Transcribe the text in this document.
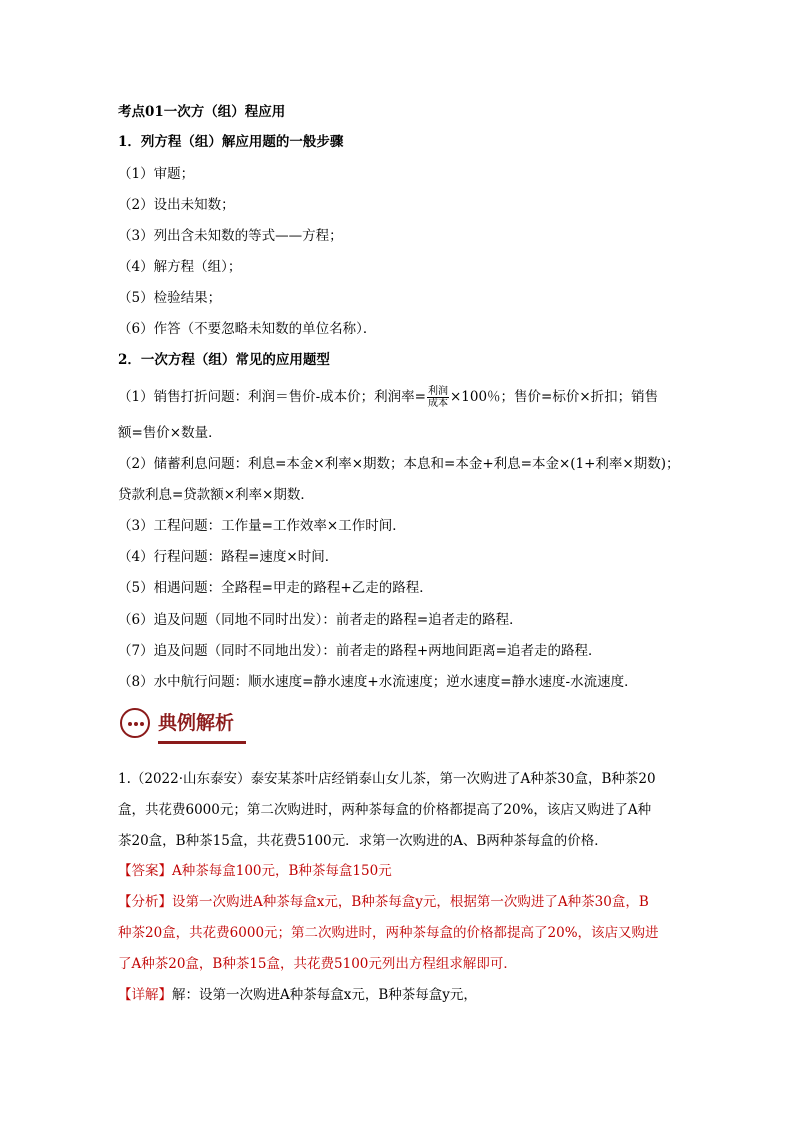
考点01一次方（组）程应用
1．列方程（组）解应用题的一般步骤
（1）审题；
（2）设出未知数；
（3）列出含未知数的等式——方程；
（4）解方程（组）；
（5）检验结果；
（6）作答（不要忽略未知数的单位名称）．
2．一次方程（组）常见的应用题型
（1）销售打折问题：利润＝售价-成本价；利润率= $\frac{\text{利润}}{\text{成本}} \times 100$％；售价=标价×折扣；销售
额=售价×数量．
（2）储蓄利息问题：利息=本金×利率×期数；本息和=本金+利息=本金×(1+利率×期数)；
贷款利息=贷款额×利率×期数．
（3）工程问题：工作量=工作效率×工作时间．
（4）行程问题：路程=速度×时间．
（5）相遇问题：全路程=甲走的路程+乙走的路程．
（6）追及问题（同地不同时出发）：前者走的路程=追者走的路程．
（7）追及问题（同时不同地出发）：前者走的路程+两地间距离=追者走的路程．
（8）水中航行问题：顺水速度=静水速度+水流速度；逆水速度=静水速度-水流速度．
典例解析
1.（2022·山东泰安）泰安某茶叶店经销泰山女儿茶，第一次购进了A种茶30盒，B种茶20
盒，共花费6000元；第二次购进时，两种茶每盒的价格都提高了20%，该店又购进了A种
茶20盒，B种茶15盒，共花费5100元．求第一次购进的A、B两种茶每盒的价格．
【答案】A种茶每盒100元，B种茶每盒150元
【分析】设第一次购进A种茶每盒x元，B种茶每盒y元，根据第一次购进了A种茶30盒，B
种茶20盒，共花费6000元；第二次购进时，两种茶每盒的价格都提高了20%，该店又购进
了A种茶20盒，B种茶15盒，共花费5100元列出方程组求解即可．
【详解】解：设第一次购进A种茶每盒x元，B种茶每盒y元，
